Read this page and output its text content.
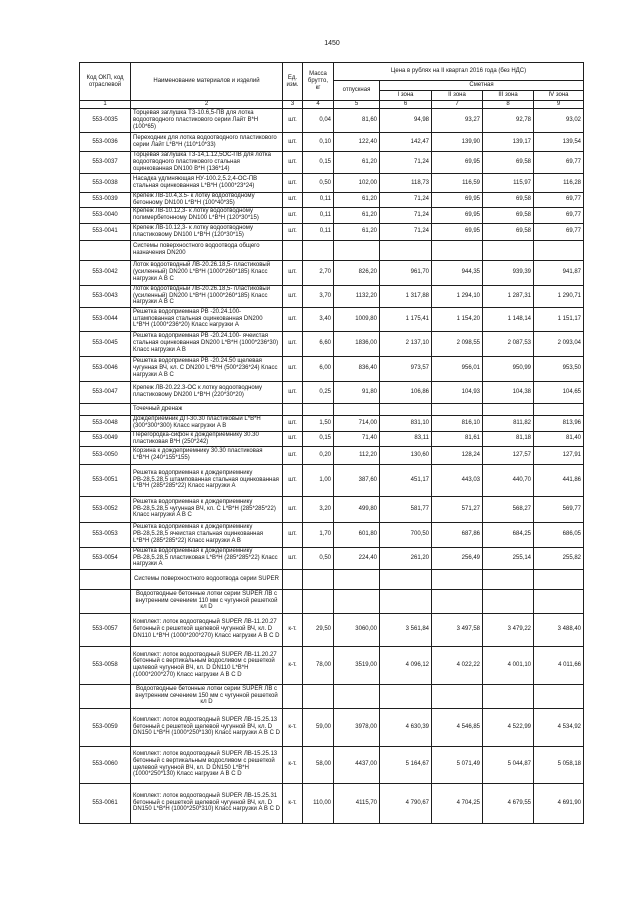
1450
Код ОКП, код отраслевой	Наименование материалов и изделий	Ед. изм.	Масса брутто, кг	Цена в рублях на II квартал 2016 года (без НДС)				
				отпускная	Сметная			
					I зона	II зона	III зона	IV зона
1	2	3	4	5	6	7	8	9
553-0035	Торцевая заглушка ТЗ-10.6,5-ПВ для лотка водоотводного пластикового серии Лайт B*H (100*65)	шт.	0,04	81,60	94,98	93,27	92,78	93,02
553-0036	Переходник для лотка водоотводного пластикового серии Лайт L*B*H (110*10*33)	шт.	0,10	122,40	142,47	139,90	139,17	139,54
553-0037	Торцевая заглушка ТЗ-14,1.12,5ОС-ПВ для лотка водоотводного пластикового стальная оцинкованная DN100 B*H (136*14)	шт.	0,15	61,20	71,24	69,95	69,58	69,77
553-0038	Насадка удлиняющая НУ-100.2,5.2,4-ОС-ПВ стальная оцинкованная L*B*H (1000*23*24)	шт.	0,50	102,00	118,73	116,59	115,97	116,28
553-0039	Крепеж ЛВ-10.4,3.5- к лотку водоотводному бетонному DN100 L*B*H (100*40*35)	шт.	0,11	61,20	71,24	69,95	69,58	69,77
553-0040	Крепеж ЛВ-10.12,3- к лотку водоотводному полимербетонному DN100 L*B*H (120*30*15)	шт.	0,11	61,20	71,24	69,95	69,58	69,77
553-0041	Крепеж ЛВ-10.12,3- к лотку водоотводному пластиковому DN100 L*B*H (120*30*15)	шт.	0,11	61,20	71,24	69,95	69,58	69,77
	Системы поверхностного водоотвода общего назначения DN200							
553-0042	Лоток водоотводный ЛВ-20.26.18,5- пластиковый (усиленный) DN200 L*B*H (1000*260*185) Класс нагрузки A B C	шт.	2,70	826,20	961,70	944,35	939,39	941,87
553-0043	Лоток водоотводный ЛВ-20.26.18,5- пластиковый (усиленный) DN200 L*B*H (1000*260*185) Класс нагрузки A B C	шт.	3,70	1132,20	1 317,88	1 294,10	1 287,31	1 290,71
553-0044	Решетка водоприемная РВ -20.24.100- штампованная стальная оцинкованная DN200 L*B*H (1000*236*20) Класс нагрузки A	шт.	3,40	1009,80	1 175,41	1 154,20	1 148,14	1 151,17
553-0045	Решетка водоприемная РВ -20.24.100- ячеистая стальная оцинкованная DN200 L*B*H (1000*236*30) Класс нагрузки A B	шт.	6,60	1836,00	2 137,10	2 098,55	2 087,53	2 093,04
553-0046	Решетка водоприемная РВ -20.24.50 щелевая чугунная ВЧ, кл. С DN200 L*B*H (500*236*24) Класс нагрузки A B C	шт.	6,00	836,40	973,57	956,01	950,99	953,50
553-0047	Крепеж ЛВ-20.22.3-ОС к лотку водоотводному пластиковому DN200 L*B*H (220*30*20)	шт.	0,25	91,80	106,86	104,93	104,38	104,65
	Точечный дренаж							
553-0048	Дождеприемник ДП-30.30 пластиковый L*B*H (300*300*300) Класс нагрузки A B	шт.	1,50	714,00	831,10	816,10	811,82	813,96
553-0049	Перегородка-сифон к дождеприемнику 30.30 пластиковая B*H (250*242)	шт.	0,15	71,40	83,11	81,61	81,18	81,40
553-0050	Корзина к дождеприемнику 30.30 пластиковая L*B*H (240*155*155)	шт.	0,20	112,20	130,60	128,24	127,57	127,91
553-0051	Решетка водоприемная к дождеприемнику РВ-28,5.28,5 штампованная стальная оцинкованная L*B*H (285*285*22) Класс нагрузки A	шт.	1,00	387,60	451,17	443,03	440,70	441,86
553-0052	Решетка водоприемная к дождеприемнику РВ-28,5.28,5 чугунная ВЧ, кл. С L*B*H (285*285*22) Класс нагрузки A B C	шт.	3,20	499,80	581,77	571,27	568,27	569,77
553-0053	Решетка водоприемная к дождеприемнику РВ-28,5.28,5 ячеистая стальная оцинкованная L*B*H (285*285*22) Класс нагрузки A B	шт.	1,70	601,80	700,50	687,86	684,25	686,05
553-0054	Решетка водоприемная к дождеприемнику РВ-28,5.28,5 пластиковая L*B*H (285*285*22) Класс нагрузки A	шт.	0,50	224,40	261,20	256,49	255,14	255,82
	Системы поверхностного водоотвода серии SUPER							
	Водоотводные бетонные лотки серии SUPER ЛВ с внутренним сечением 110 мм с чугунной решеткой кл D							
553-0057	Комплект: лоток водоотводный SUPER ЛВ-11.20.27 бетонный с решеткой щелевой чугунной ВЧ, кл. D DN110 L*B*H (1000*200*270) Класс нагрузки A B C D	к-т.	29,50	3060,00	3 561,84	3 497,58	3 479,22	3 488,40
553-0058	Комплект: лоток водоотводный SUPER ЛВ-11.20.27 бетонный с вертикальным водосливом с решеткой щелевой чугунной ВЧ, кл. D DN110 L*B*H (1000*200*270) Класс нагрузки A B C D	к-т.	78,00	3519,00	4 096,12	4 022,22	4 001,10	4 011,66
	Водоотводные бетонные лотки серии SUPER ЛВ с внутренним сечением 150 мм с чугунной решеткой кл D							
553-0059	Комплект: лоток водоотводный SUPER ЛВ-15.25.13 бетонный с решеткой щелевой чугунной ВЧ, кл. D DN150 L*B*H (1000*250*130) Класс нагрузки A B C D	к-т.	59,00	3978,00	4 630,39	4 546,85	4 522,99	4 534,92
553-0060	Комплект: лоток водоотводный SUPER ЛВ-15.25.13 бетонный с вертикальным водосливом с решеткой щелевой чугунной ВЧ, кл. D DN150 L*B*H (1000*250*130) Класс нагрузки A B C D	к-т.	58,00	4437,00	5 164,67	5 071,49	5 044,87	5 058,18
553-0061	Комплект: лоток водоотводный SUPER ЛВ-15.25.31 бетонный с решеткой щелевой чугунной ВЧ, кл. D DN150 L*B*H (1000*250*310) Класс нагрузки A B C D	к-т.	110,00	4115,70	4 790,67	4 704,25	4 679,55	4 691,90
